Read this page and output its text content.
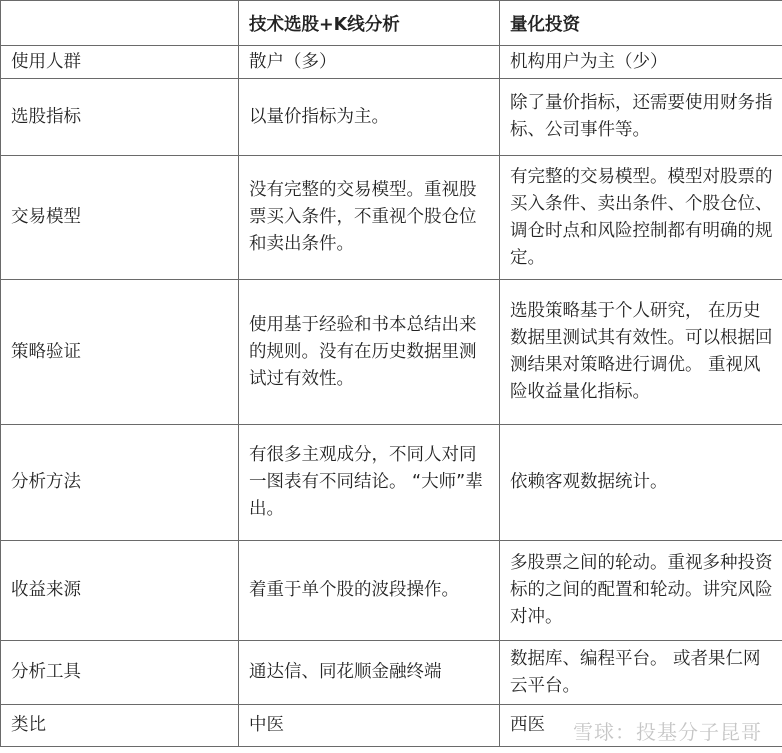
	技术选股+K线分析	量化投资
使用人群	散户（多）	机构用户为主（少）
选股指标	以量价指标为主。	除了量价指标，还需要使用财务指标、公司事件等。
交易模型	没有完整的交易模型。重视股票买入条件，不重视个股仓位和卖出条件。	有完整的交易模型。模型对股票的买入条件、卖出条件、个股仓位、调仓时点和风险控制都有明确的规定。
策略验证	使用基于经验和书本总结出来的规则。没有在历史数据里测试过有效性。	选股策略基于个人研究， 在历史数据里测试其有效性。可以根据回测结果对策略进行调优。 重视风险收益量化指标。
分析方法	有很多主观成分，不同人对同一图表有不同结论。 “大师”辈出。	依赖客观数据统计。
收益来源	着重于单个股的波段操作。	多股票之间的轮动。重视多种投资标的之间的配置和轮动。讲究风险对冲。
分析工具	通达信、同花顺金融终端	数据库、编程平台。 或者果仁网云平台。
类比	中医	西医 雪球：投基分子昆哥
